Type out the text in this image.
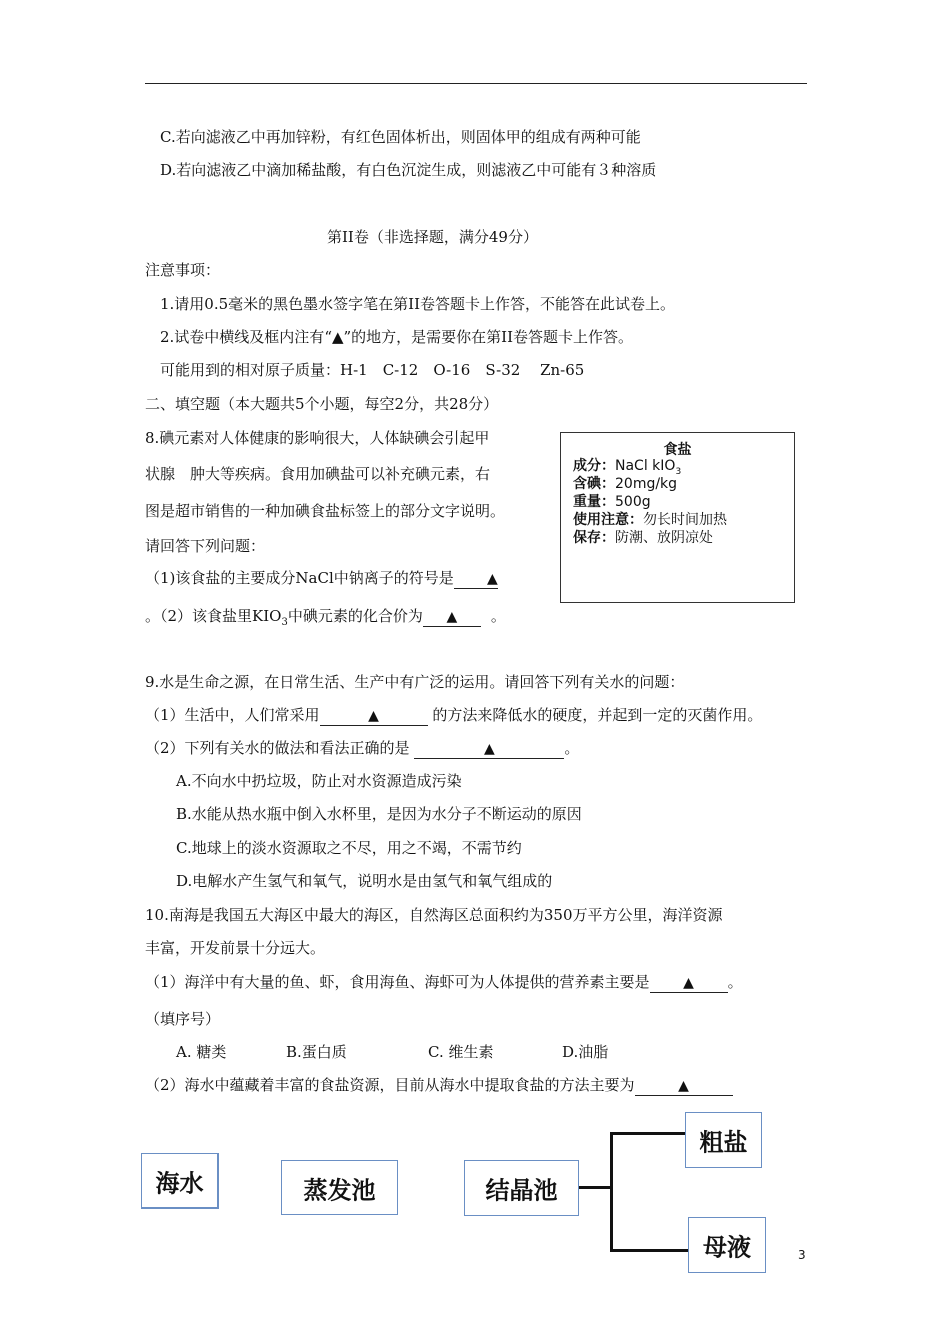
C.若向滤液乙中再加锌粉，有红色固体析出，则固体甲的组成有两种可能
D.若向滤液乙中滴加稀盐酸，有白色沉淀生成，则滤液乙中可能有３种溶质
第II卷（非选择题，满分49分）
注意事项：
1.请用0.5毫米的黑色墨水签字笔在第II卷答题卡上作答，不能答在此试卷上。
2.试卷中横线及框内注有“▲”的地方，是需要你在第II卷答题卡上作答。
可能用到的相对原子质量：H-1　C-12　O-16　S-32　 Zn-65
二、填空题（本大题共5个小题，每空2分，共28分）
8.碘元素对人体健康的影响很大，人体缺碘会引起甲
状腺　肿大等疾病。食用加碘盐可以补充碘元素，右
图是超市销售的一种加碘食盐标签上的部分文字说明。
请回答下列问题：
（1)该食盐的主要成分NaCl中钠离子的符号是 ▲
。（2）该食盐里$KIO_3$中碘元素的化合价为 ▲ 。
食盐
成分：NaCl kIO$_3$
含碘：20mg/kg
重量：500g
使用注意：勿长时间加热
保存：防潮、放阴凉处
9.水是生命之源，在日常生活、生产中有广泛的运用。请回答下列有关水的问题：
（1）生活中，人们常采用	▲	的方法来降低水的硬度，并起到一定的灭菌作用。
（2）下列有关水的做法和看法正确的是	▲	。
A.不向水中扔垃圾，防止对水资源造成污染
B.水能从热水瓶中倒入水杯里，是因为水分子不断运动的原因
C.地球上的淡水资源取之不尽，用之不竭，不需节约
D.电解水产生氢气和氧气，说明水是由氢气和氧气组成的
10.南海是我国五大海区中最大的海区，自然海区总面积约为350万平方公里，海洋资源
丰富，开发前景十分远大。
（1）海洋中有大量的鱼、虾，食用海鱼、海虾可为人体提供的营养素主要是 ▲ 。
（填序号）
A. 糖类	B.蛋白质	C. 维生素	D.油脂
（2）海水中蕴藏着丰富的食盐资源，目前从海水中提取食盐的方法主要为	▲
海水	蒸发池	结晶池
粗盐
母液	3
